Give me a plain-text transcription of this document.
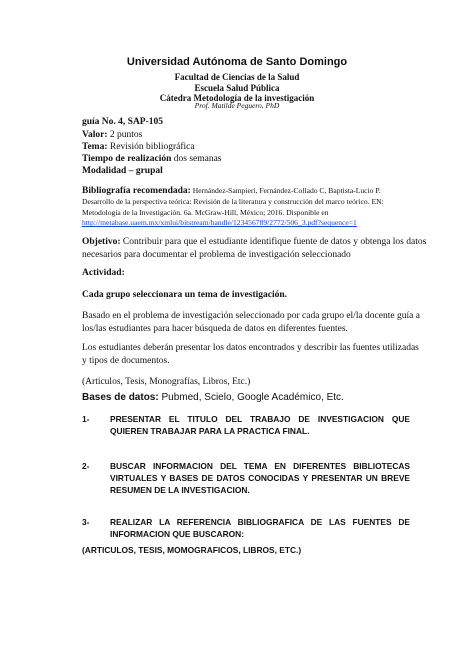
Universidad Autónoma de Santo Domingo
Facultad de Ciencias de la Salud
Escuela Salud Pública
Cátedra Metodología de la investigación
Prof. Matilde Peguero, PhD
guía No. 4, SAP-105
Valor: 2 puntos
Tema: Revisión bibliográfica
Tiempo de realización dos semanas
Modalidad – grupal
Bibliografía recomendada: Hernández-Sampieri, Fernández-Collado C, Baptista-Lucio P. Desarrollo de la perspectiva teórica: Revisión de la literatura y construcción del marco teórico. EN: Metodología de la Investigación. 6a. McGraw-Hill, México; 2016. Disponible en http://metabase.uaem.mx/xmlui/bitstream/handle/123456789/2772/506_3.pdf?sequence=1
Objetivo: Contribuir para que el estudiante identifique fuente de datos y obtenga los datos necesarios para documentar el problema de investigación seleccionado
Actividad:
Cada grupo seleccionara un tema de investigación.
Basado en el problema de investigación seleccionado por cada grupo el/la docente guía a los/las estudiantes para hacer búsqueda de datos en diferentes fuentes.
Los estudiantes deberán presentar los datos encontrados y describir las fuentes utilizadas y tipos de documentos.
(Artículos, Tesis, Monografías, Libros, Etc.)
Bases de datos: Pubmed, Scielo, Google Académico, Etc.
1- PRESENTAR EL TITULO DEL TRABAJO DE INVESTIGACION QUE QUIEREN TRABAJAR PARA LA PRACTICA FINAL.
2- BUSCAR INFORMACION DEL TEMA EN DIFERENTES BIBLIOTECAS VIRTUALES Y BASES DE DATOS CONOCIDAS Y PRESENTAR UN BREVE RESUMEN DE LA INVESTIGACION.
3- REALIZAR LA REFERENCIA BIBLIOGRAFICA DE LAS FUENTES DE INFORMACION QUE BUSCARON:
(ARTICULOS, TESIS, MOMOGRAFICOS, LIBROS, ETC.)
